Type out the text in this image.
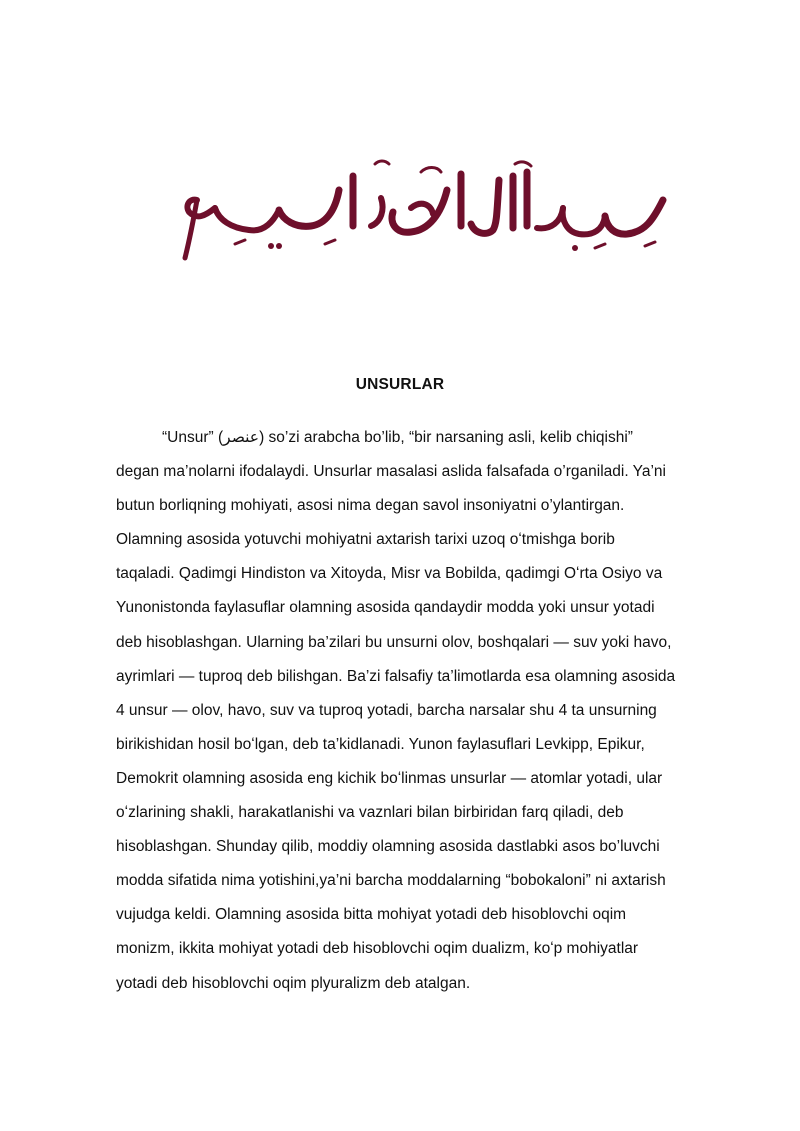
UNSURLAR

“Unsur” (عنصر) so’zi arabcha bo’lib, “bir narsaning asli, kelib chiqishi”
degan ma’nolarni ifodalaydi. Unsurlar masalasi aslida falsafada o’rganiladi. Ya’ni
butun borliqning mohiyati, asosi nima degan savol insoniyatni o’ylantirgan.
Olamning asosida yotuvchi mohiyatni axtarish tarixi uzoq oʻtmishga borib
taqaladi. Qadimgi Hindiston va Xitoyda, Misr va Bobilda, qadimgi Oʻrta Osiyo va
Yunonistonda faylasuflar olamning asosida qandaydir modda yoki unsur yotadi
deb hisoblashgan. Ularning ba’zilari bu unsurni olov, boshqalari — suv yoki havo,
ayrimlari — tuproq deb bilishgan. Ba’zi falsafiy ta’limotlarda esa olamning asosida
4 unsur — olov, havo, suv va tuproq yotadi, barcha narsalar shu 4 ta unsurning
birikishidan hosil boʻlgan, deb ta’kidlanadi. Yunon faylasuflari Levkipp, Epikur,
Demokrit olamning asosida eng kichik boʻlinmas unsurlar — atomlar yotadi, ular
oʻzlarining shakli, harakatlanishi va vaznlari bilan birbiridan farq qiladi, deb
hisoblashgan. Shunday qilib, moddiy olamning asosida dastlabki asos bo’luvchi
modda sifatida nima yotishini,ya’ni barcha moddalarning “bobokaloni” ni axtarish
vujudga keldi. Olamning asosida bitta mohiyat yotadi deb hisoblovchi oqim
monizm, ikkita mohiyat yotadi deb hisoblovchi oqim dualizm, koʻp mohiyatlar
yotadi deb hisoblovchi oqim plyuralizm deb atalgan.
